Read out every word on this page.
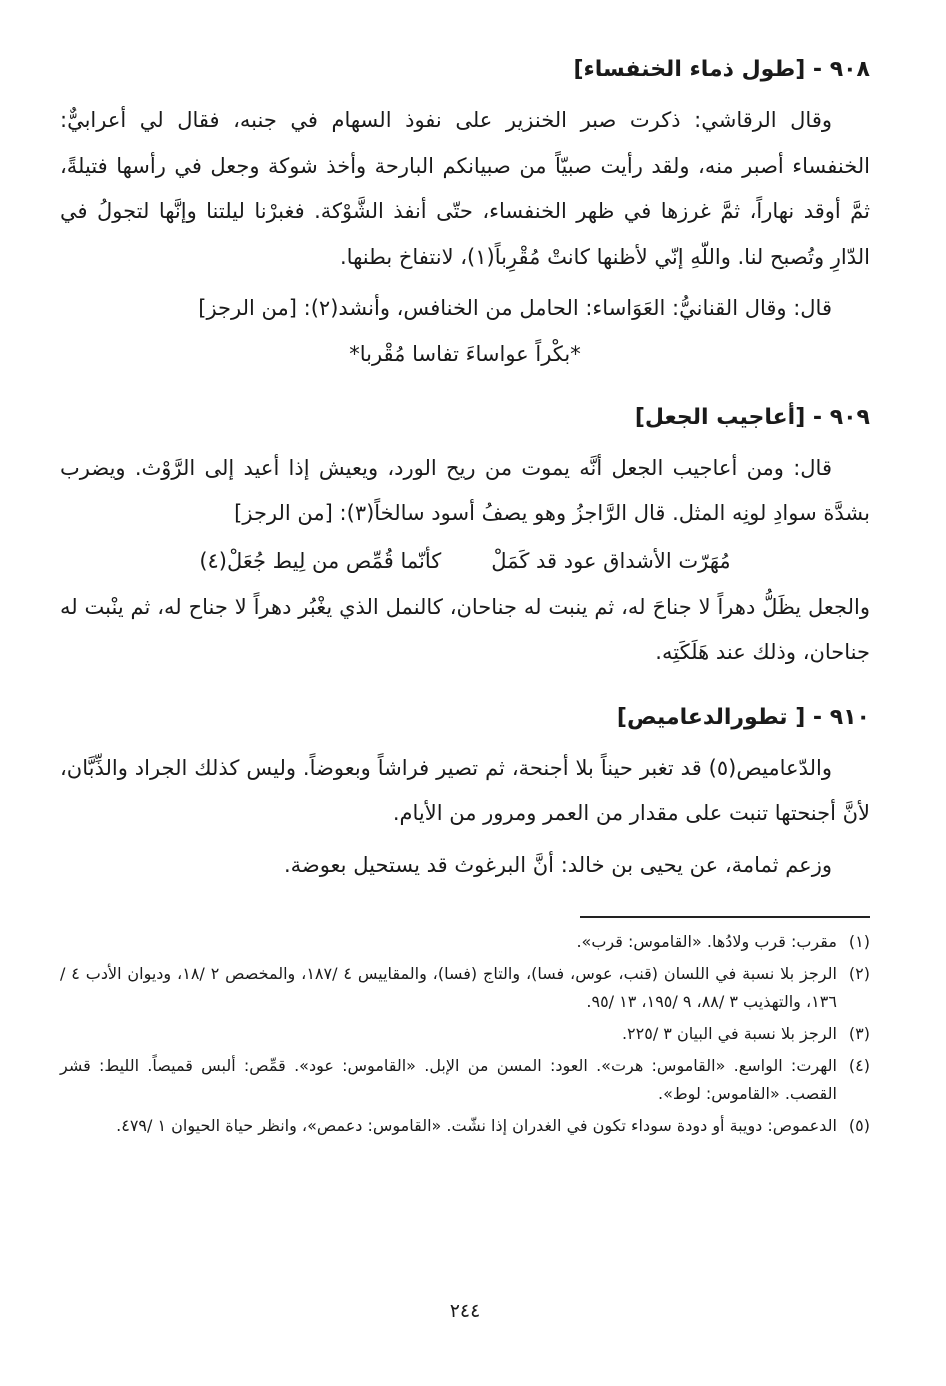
٩٠٨ - [طول ذماء الخنفساء]

وقال الرقاشي: ذكرت صبر الخنزير على نفوذ السهام في جنبه، فقال لي أعرابيٌّ: الخنفساء أصبر منه، ولقد رأيت صبيّاً من صبيانكم البارحة وأخذ شوكة وجعل في رأسها فتيلةً، ثمَّ أوقد نهاراً، ثمَّ غرزها في ظهر الخنفساء، حتّى أنفذ الشَّوْكة. فغبرْنا ليلتنا وإنَّها لتجولُ في الدّارِ وتُصبح لنا. واللّهِ إنّي لأظنها كانتْ مُقْرِباً(١)، لانتفاخ بطنها.

قال: وقال القنانيُّ: العَوَاساء: الحامل من الخنافس، وأنشد(٢): [من الرجز]

*بكْراً عواساءَ تفاسا مُقْربا*

٩٠٩ - [أعاجيب الجعل]

قال: ومن أعاجيب الجعل أنَّه يموت من ريح الورد، ويعيش إذا أعيد إلى الرَّوْث. ويضرب بشدَّة سوادِ لونِه المثل. قال الرَّاجزُ وهو يصفُ أسود سالخاً(٣): [من الرجز]

مُهَرّت الأشداق عود قد كَمَلْ
كأنّما قُمِّص من لِيط جُعَلْ(٤)

والجعل يظَلُّ دهراً لا جناحَ له، ثم ينبت له جناحان، كالنمل الذي يغْبُر دهراً لا جناح له، ثم ينْبت له جناحان، وذلك عند هَلَكَتِه.

٩١٠ - [ تطورالدعاميص]

والدّعاميص(٥) قد تغبر حيناً بلا أجنحة، ثم تصير فراشاً وبعوضاً. وليس كذلك الجراد والذِّبَّان، لأنَّ أجنحتها تنبت على مقدار من العمر ومرور من الأيام.

وزعم ثمامة، عن يحيى بن خالد: أنَّ البرغوث قد يستحيل بعوضة.

(١)
مقرب: قرب ولادُها. «القاموس: قرب».
(٢)
الرجز بلا نسبة في اللسان (قنب، عوس، فسا)، والتاج (فسا)، والمقاييس ٤ /١٨٧، والمخصص ٢ /١٨، وديوان الأدب ٤ /١٣٦، والتهذيب ٣ /٨٨، ٩ /١٩٥، ١٣ /٩٥.
(٣)
الرجز بلا نسبة في البيان ٣ /٢٢٥.
(٤)
الهرت: الواسع. «القاموس: هرت». العود: المسن من الإبل. «القاموس: عود». قمِّص: ألبس قميصاً. الليط: قشر القصب. «القاموس: لوط».
(٥)
الدعموص: دويبة أو دودة سوداء تكون في الغدران إذا نشّت. «القاموس: دعمص»، وانظر حياة الحيوان ١ /٤٧٩.
٢٤٤
